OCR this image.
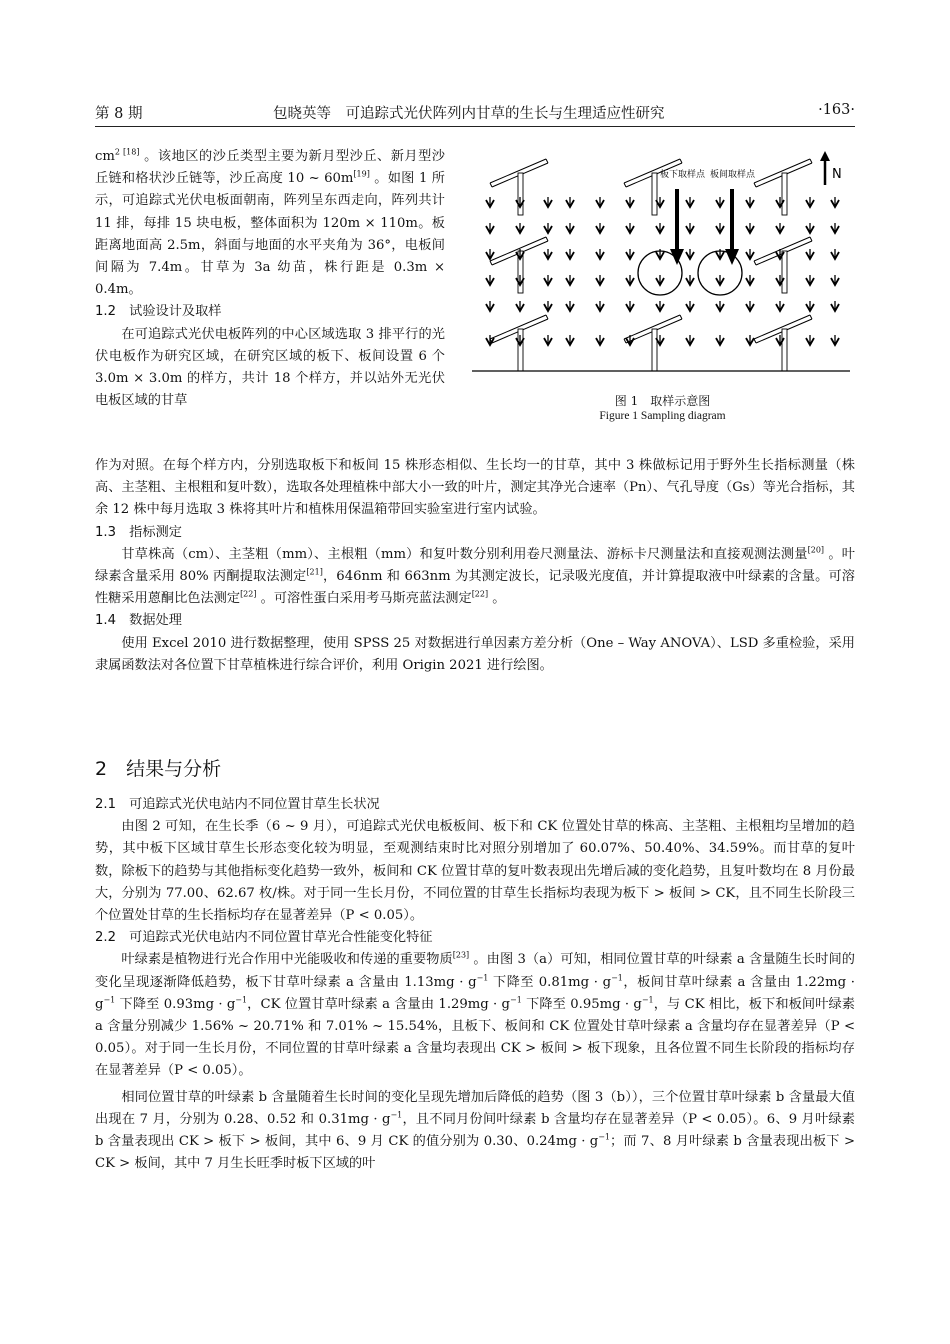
第 8 期	包晓英等　可追踪式光伏阵列内甘草的生长与生理适应性研究	·163·

$cm^{2 [18]}$ 。该地区的沙丘类型主要为新月型沙丘、新月型沙丘链和格状沙丘链等，沙丘高度 10 ~ 60m[19] 。如图 1 所示，可追踪式光伏电板面朝南，阵列呈东西走向，阵列共计 11 排，每排 15 块电板，整体面积为 120m × 110m。板距离地面高 2.5m，斜面与地面的水平夹角为 36°，电板间间隔为 7.4m。甘草为 3a 幼苗，株行距是 0.3m × 0.4m。

1.2　试验设计及取样

在可追踪式光伏电板阵列的中心区域选取 3 排平行的光伏电板作为研究区域，在研究区域的板下、板间设置 6 个 3.0m × 3.0m 的样方，共计 18 个样方，并以站外无光伏电板区域的甘草

板下取样点 板间取样点	N
图 1　取样示意图
Figure 1 Sampling diagram

作为对照。在每个样方内，分别选取板下和板间 15 株形态相似、生长均一的甘草，其中 3 株做标记用于野外生长指标测量（株高、主茎粗、主根粗和复叶数），选取各处理植株中部大小一致的叶片，测定其净光合速率（Pn）、气孔导度（Gs）等光合指标，其余 12 株中每月选取 3 株将其叶片和植株用保温箱带回实验室进行室内试验。

1.3　指标测定

甘草株高（cm）、主茎粗（mm）、主根粗（mm）和复叶数分别利用卷尺测量法、游标卡尺测量法和直接观测法测量[20] 。叶绿素含量采用 80% 丙酮提取法测定[21]，646nm 和 663nm 为其测定波长，记录吸光度值，并计算提取液中叶绿素的含量。可溶性糖采用蒽酮比色法测定[22] 。可溶性蛋白采用考马斯亮蓝法测定[22] 。

1.4　数据处理

使用 Excel 2010 进行数据整理，使用 SPSS 25 对数据进行单因素方差分析（One – Way ANOVA）、LSD 多重检验，采用隶属函数法对各位置下甘草植株进行综合评价，利用 Origin 2021 进行绘图。

2　结果与分析

2.1　可追踪式光伏电站内不同位置甘草生长状况

由图 2 可知，在生长季（6 ~ 9 月），可追踪式光伏电板板间、板下和 CK 位置处甘草的株高、主茎粗、主根粗均呈增加的趋势，其中板下区域甘草生长形态变化较为明显，至观测结束时比对照分别增加了 60.07%、50.40%、34.59%。而甘草的复叶数，除板下的趋势与其他指标变化趋势一致外，板间和 CK 位置甘草的复叶数表现出先增后减的变化趋势，且复叶数均在 8 月份最大，分别为 77.00、62.67 枚/株。对于同一生长月份，不同位置的甘草生长指标均表现为板下 > 板间 > CK，且不同生长阶段三个位置处甘草的生长指标均存在显著差异（P < 0.05）。

2.2　可追踪式光伏电站内不同位置甘草光合性能变化特征

叶绿素是植物进行光合作用中光能吸收和传递的重要物质[23] 。由图 3（a）可知，相同位置甘草的叶绿素 a 含量随生长时间的变化呈现逐渐降低趋势，板下甘草叶绿素 a 含量由 $1.13mg \cdot g^{-1}$ 下降至 $0.81mg \cdot g^{-1}$，板间甘草叶绿素 a 含量由 $1.22mg \cdot g^{-1}$ 下降至 $0.93mg \cdot g^{-1}$，CK 位置甘草叶绿素 a 含量由 $1.29mg \cdot g^{-1}$ 下降至 $0.95mg \cdot g^{-1}$，与 CK 相比，板下和板间叶绿素 a 含量分别减少 1.56% ~ 20.71% 和 7.01% ~ 15.54%，且板下、板间和 CK 位置处甘草叶绿素 a 含量均存在显著差异（P < 0.05）。对于同一生长月份，不同位置的甘草叶绿素 a 含量均表现出 CK > 板间 > 板下现象，且各位置不同生长阶段的指标均存在显著差异（P < 0.05）。

相同位置甘草的叶绿素 b 含量随着生长时间的变化呈现先增加后降低的趋势（图 3（b）），三个位置甘草叶绿素 b 含量最大值出现在 7 月，分别为 0.28、0.52 和 $0.31mg \cdot g^{-1}$，且不同月份间叶绿素 b 含量均存在显著差异（P < 0.05）。6、9 月叶绿素 b 含量表现出 CK > 板下 > 板间，其中 6、9 月 CK 的值分别为 0.30、$0.24mg \cdot g^{-1}$；而 7、8 月叶绿素 b 含量表现出板下 > CK > 板间，其中 7 月生长旺季时板下区域的叶
